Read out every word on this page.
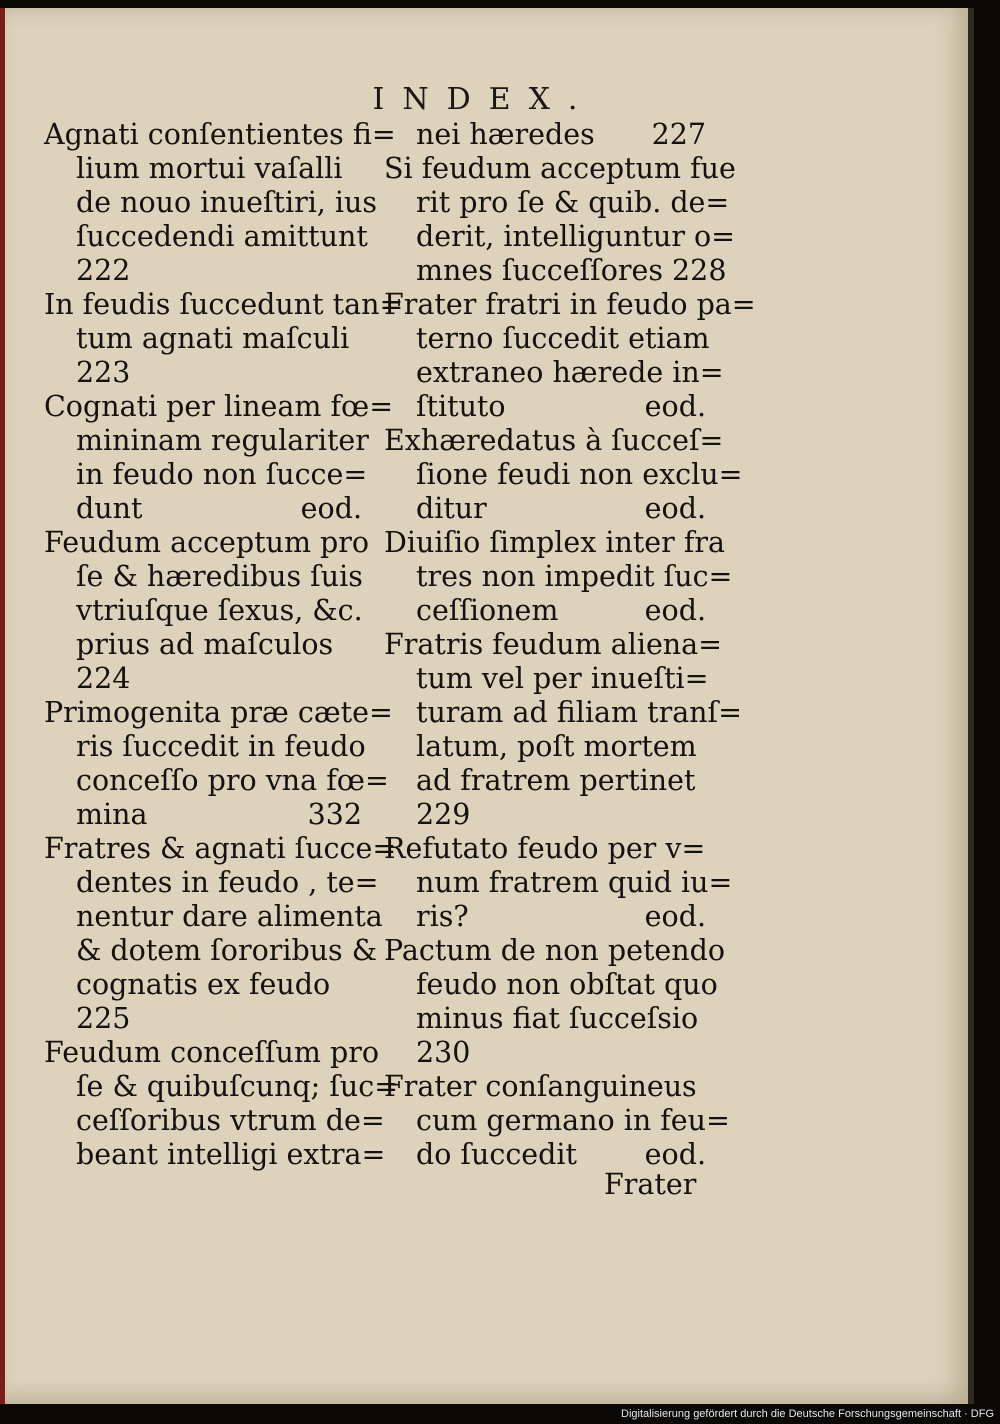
INDEX.
Agnati conſentientes fi=
lium mortui vaſalli
de nouo inueſtiri, ius
ſuccedendi amittunt
222
In feudis ſuccedunt tan=
tum agnati maſculi
223
Cognati per lineam fœ=
mininam regulariter
in feudo non ſucce=
dunt	eod.
Feudum acceptum pro
ſe & hæredibus ſuis
vtriuſque ſexus, &c.
prius ad maſculos
224
Primogenita præ cæte=
ris ſuccedit in feudo
conceſſo pro vna fœ=
mina	332
Fratres & agnati ſucce=
dentes in feudo , te=
nentur dare alimenta
& dotem ſororibus &
cognatis ex feudo
225
Feudum conceſſum pro
ſe & quibuſcunq; ſuc=
ceſſoribus vtrum de=
beant intelligi extra=
nei hæredes 227
Si feudum acceptum fue
rit pro ſe & quib. de=
derit, intelliguntur o=
mnes ſucceſſores 228
Frater fratri in feudo pa=
terno ſuccedit etiam
extraneo hærede in=
ſtituto	eod.
Exhæredatus à ſucceſ=
ſione feudi non exclu=
ditur	eod.
Diuiſio ſimplex inter fra
tres non impedit ſuc=
ceſſionem	eod.
Fratris feudum aliena=
tum vel per inueſti=
turam ad filiam tranſ=
latum, poſt mortem
ad fratrem pertinet
229
Refutato feudo per v=
num fratrem quid iu=
ris?	eod.
Pactum de non petendo
feudo non obſtat quo
minus fiat ſucceſsio
230
Frater conſanguineus
cum germano in feu=
do ſuccedit eod.
Frater
Digitalisierung gefördert durch die Deutsche Forschungsgemeinschaft · DFG
